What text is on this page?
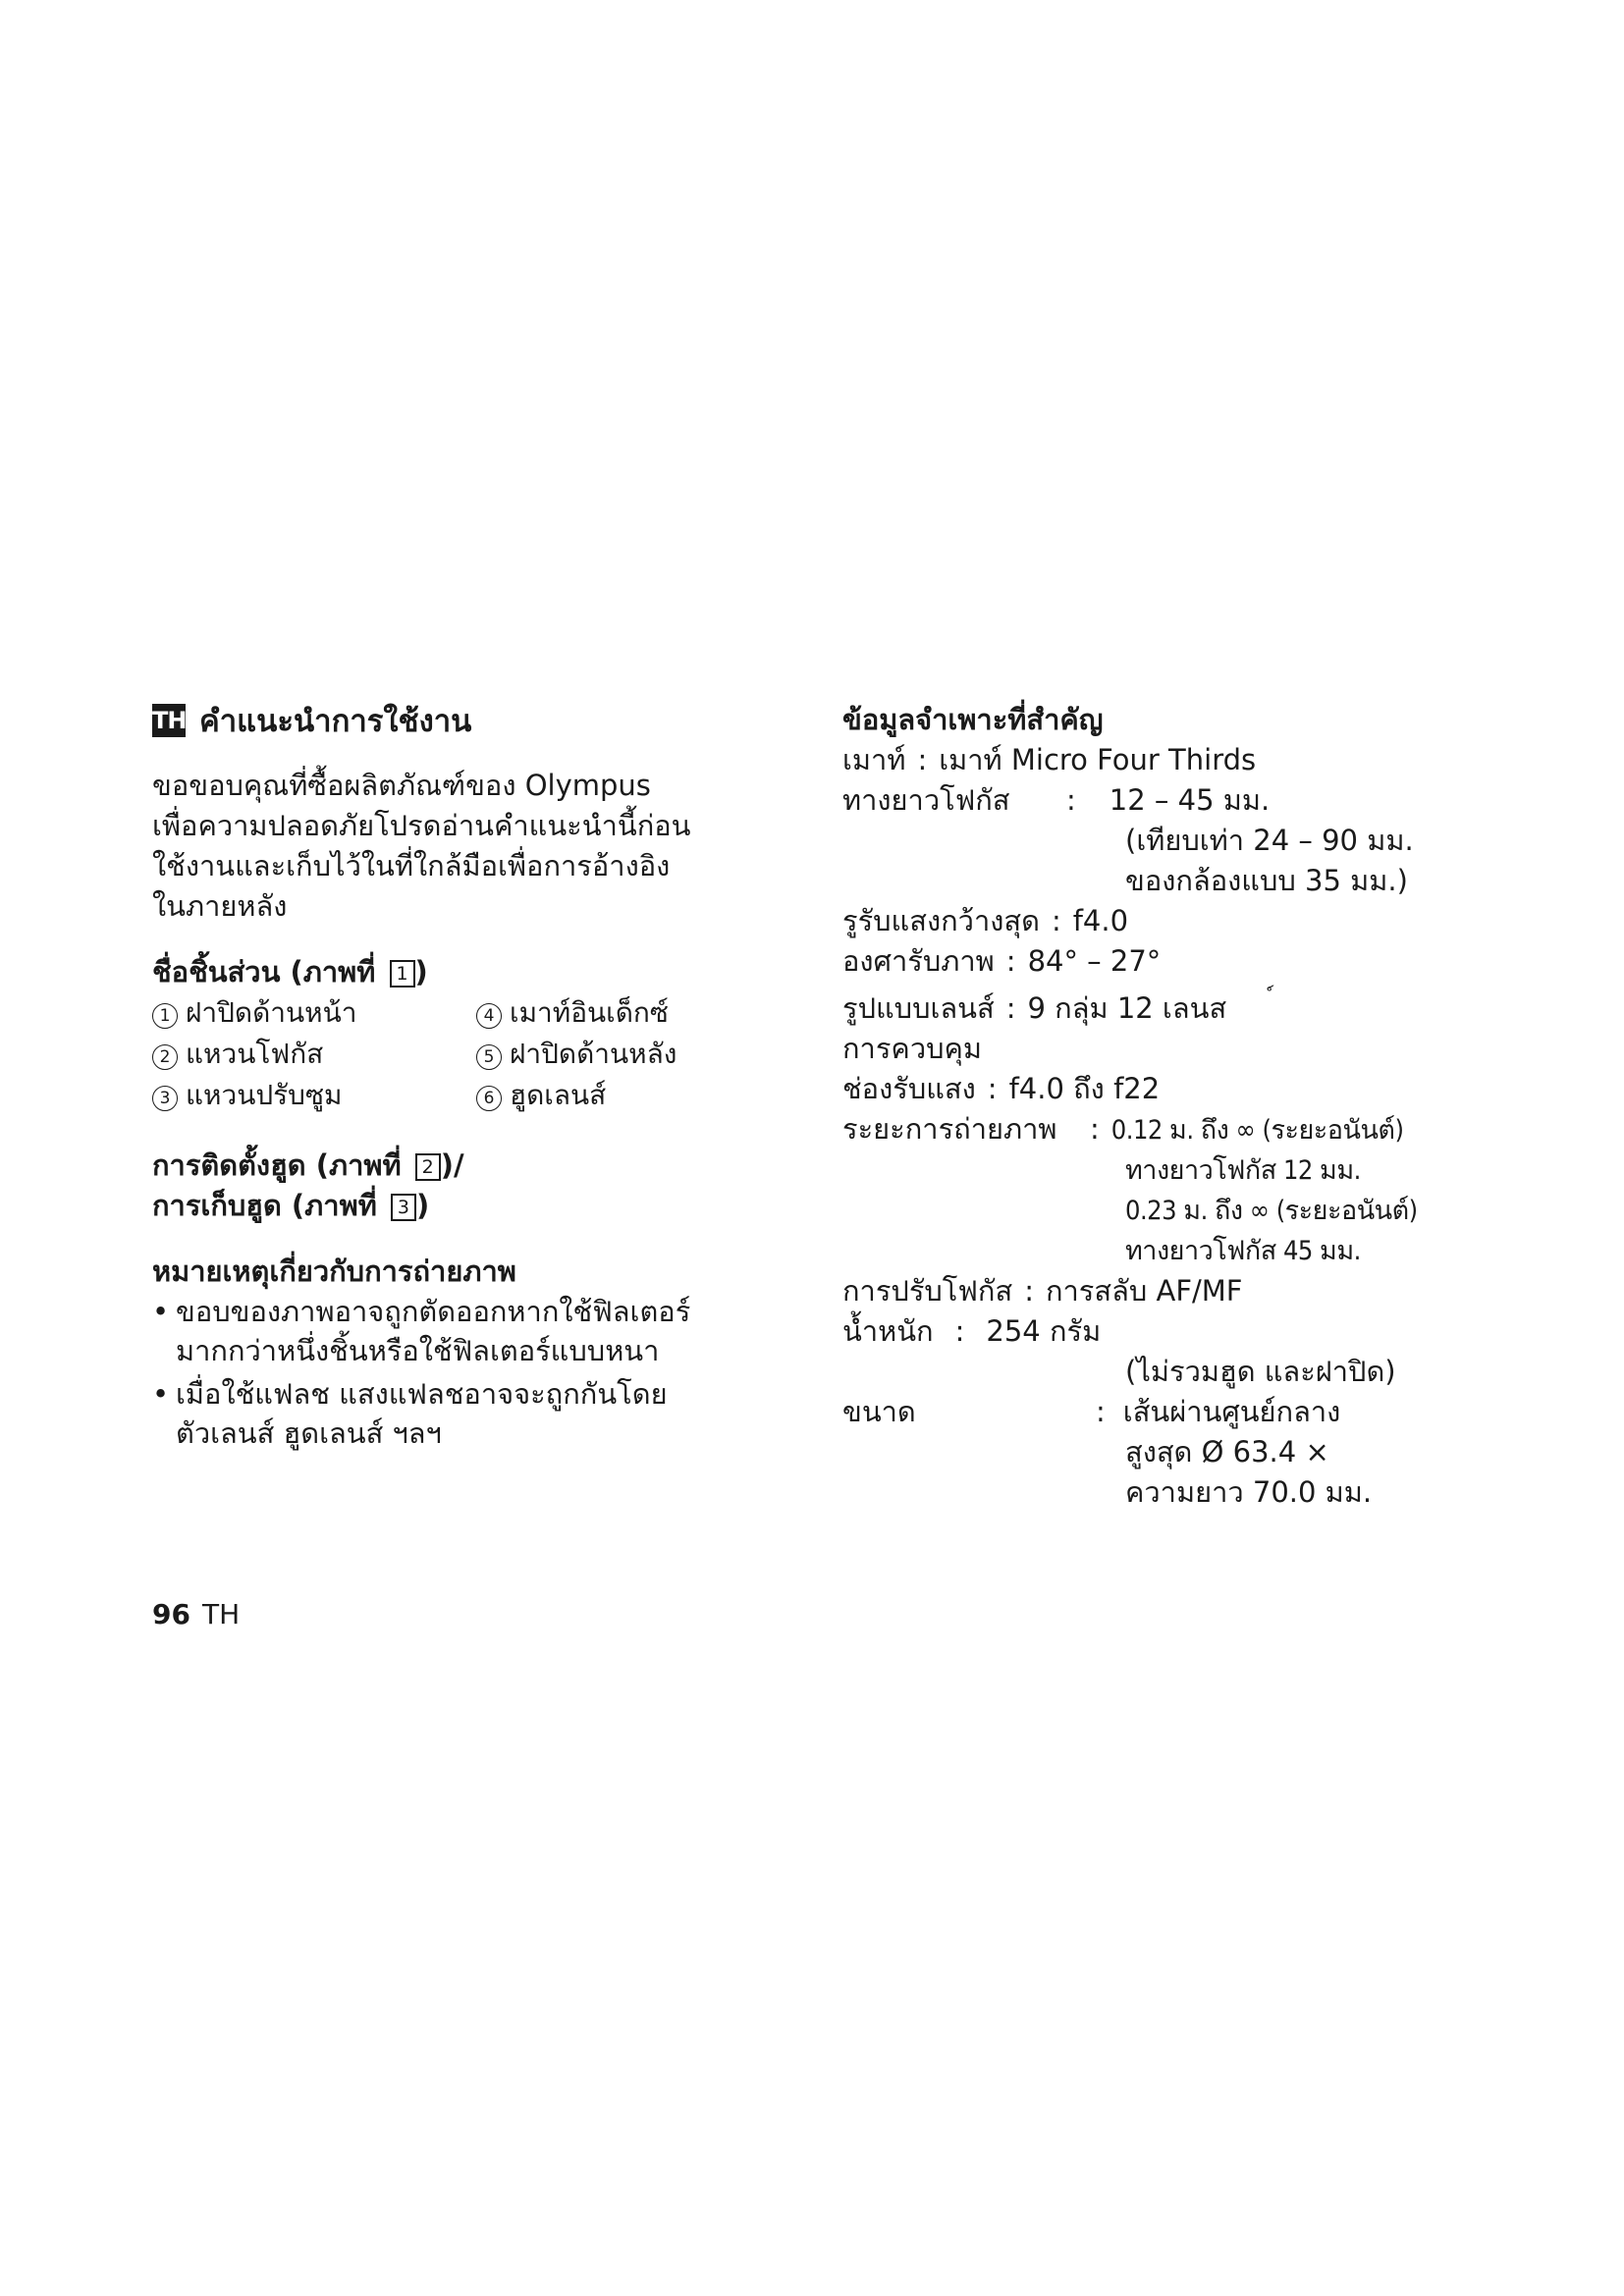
TH คำแนะนำการใช้งาน
ขอขอบคุณที่ซื้อผลิตภัณฑ์ของ Olympus
เพื่อความปลอดภัยโปรดอ่านคำแนะนำนี้ก่อน
ใช้งานและเก็บไว้ในที่ใกล้มือเพื่อการอ้างอิง
ในภายหลัง
ชื่อชิ้นส่วน (ภาพที่ 1 )
1 ฝาปิดด้านหน้า	4 เมาท์อินเด็กซ์
2 แหวนโฟกัส	5 ฝาปิดด้านหลัง
3 แหวนปรับซูม	6 ฮูดเลนส์
การติดตั้งฮูด (ภาพที่ 2 )/
การเก็บฮูด (ภาพที่ 3 )
หมายเหตุเกี่ยวกับการถ่ายภาพ
• ขอบของภาพอาจถูกตัดออกหากใช้ฟิลเตอร์
มากกว่าหนึ่งชิ้นหรือใช้ฟิลเตอร์แบบหนา
• เมื่อใช้แฟลช แสงแฟลชอาจจะถูกกันโดย
ตัวเลนส์ ฮูดเลนส์ ฯลฯ
ข้อมูลจำเพาะที่สำคัญ
เมาท์ : เมาท์ Micro Four Thirds
ทางยาวโฟกัส : 12 – 45 มม.
(เทียบเท่า 24 – 90 มม.
ของกล้องแบบ 35 มม.)
รูรับแสงกว้างสุด : f4.0
องศารับภาพ : 84° – 27°
รูปแบบเลนส์ : 9 กลุ่ม 12 เลนส
การควบคุม
ช่องรับแสง : f4.0 ถึง f22
ระยะการถ่ายภาพ : 0.12 ม. ถึง ∞ (ระยะอนันต์)
ทางยาวโฟกัส 12 มม.
0.23 ม. ถึง ∞ (ระยะอนันต์)
ทางยาวโฟกัส 45 มม.
การปรับโฟกัส : การสลับ AF/MF
น้ำหนัก : 254 กรัม
(ไม่รวมฮูด และฝาปิด)
ขนาด	: เส้นผ่านศูนย์กลาง
สูงสุด Ø 63.4 ×
ความยาว 70.0 มม.
96 TH
